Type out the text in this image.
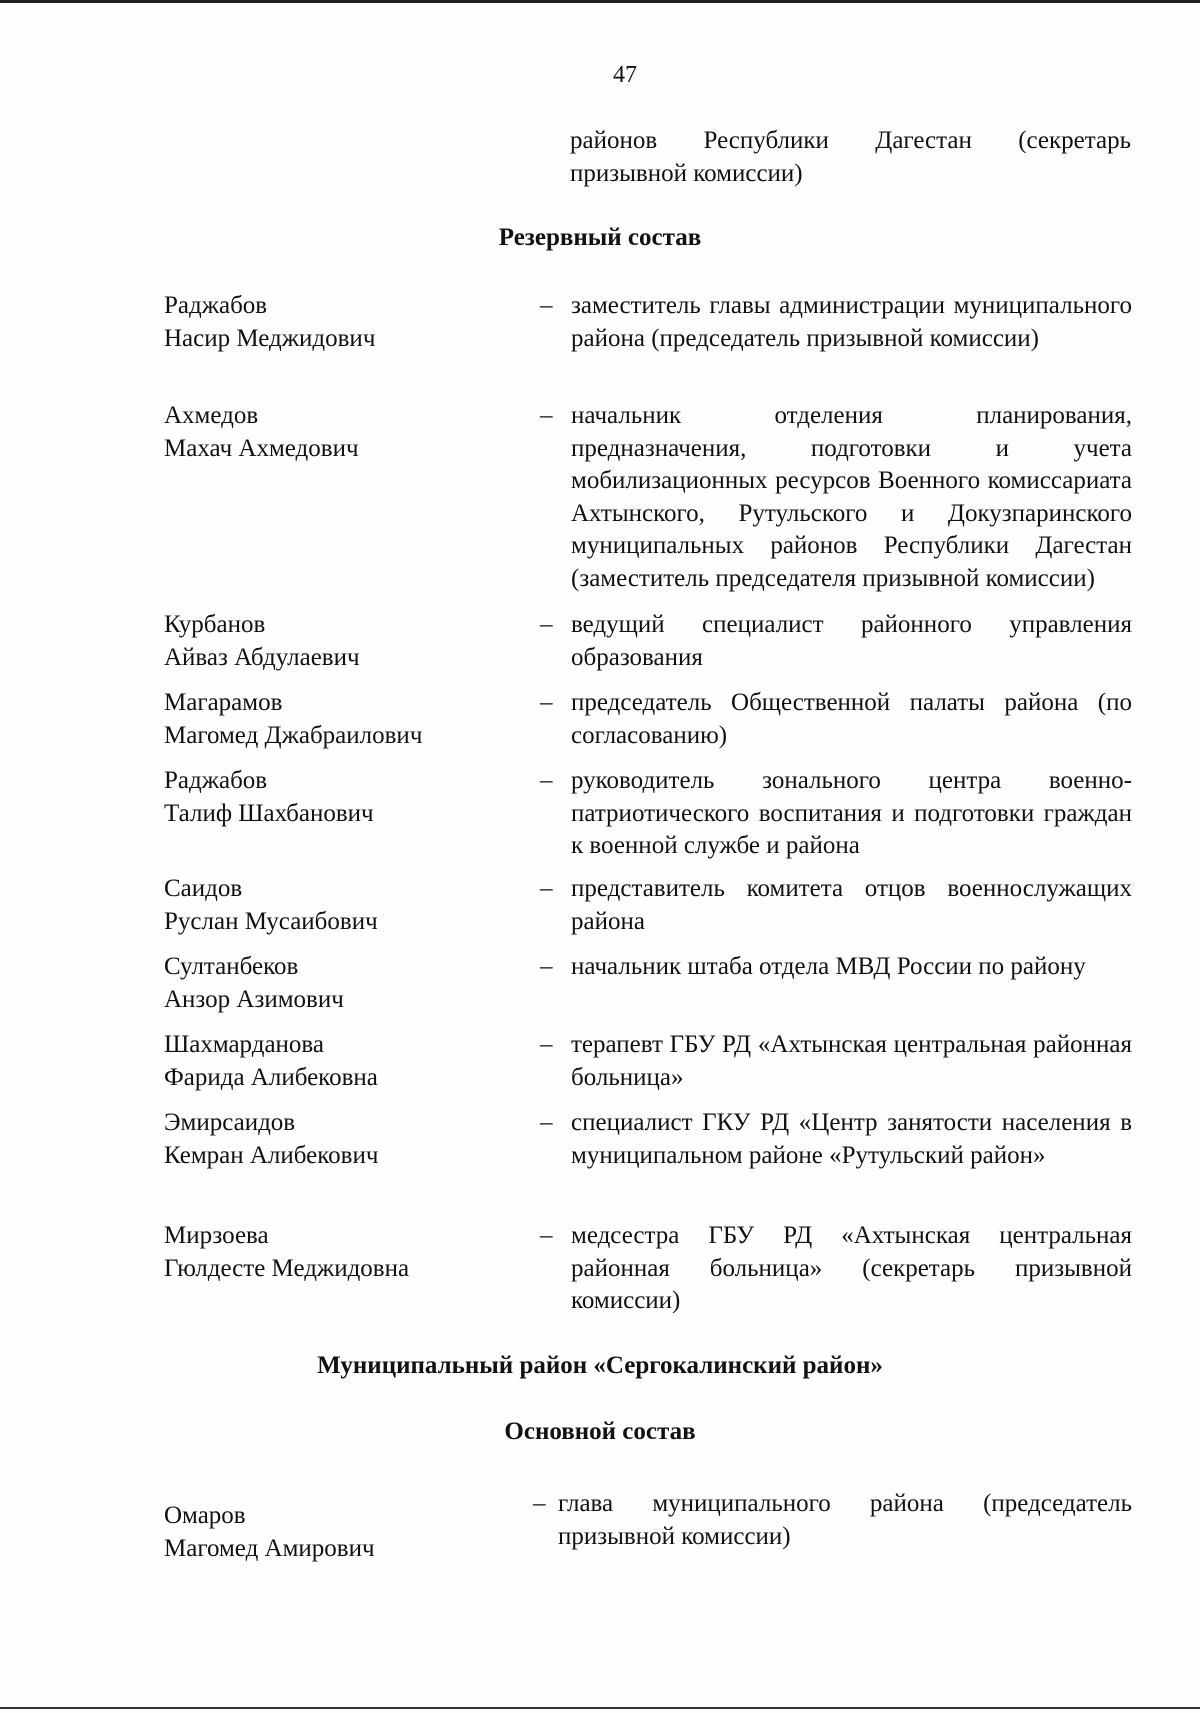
47
районов Республики Дагестан (секретарь призывной комиссии)
Резервный состав
Раджабов
Насир Меджидович
– заместитель главы администрации муниципального района (председатель призывной комиссии)
Ахмедов
Махач Ахмедович
– начальник отделения планирования, предназначения, подготовки и учета мобилизационных ресурсов Военного комиссариата Ахтынского, Рутульского и Докузпаринского муниципальных районов Республики Дагестан (заместитель председателя призывной комиссии)
Курбанов
Айваз Абдулаевич
– ведущий специалист районного управления образования
Магарамов
Магомед Джабраилович
– председатель Общественной палаты района (по согласованию)
Раджабов
Талиф Шахбанович
– руководитель зонального центра военно-патриотического воспитания и подготовки граждан к военной службе и района
Саидов
Руслан Мусаибович
– представитель комитета отцов военнослужащих района
Султанбеков
Анзор Азимович
– начальник штаба отдела МВД России по району
Шахмарданова
Фарида Алибековна
– терапевт ГБУ РД «Ахтынская центральная районная больница»
Эмирсаидов
Кемран Алибекович
– специалист ГКУ РД «Центр занятости населения в муниципальном районе «Рутульский район»
Мирзоева
Гюлдесте Меджидовна
– медсестра ГБУ РД «Ахтынская центральная районная больница» (секретарь призывной комиссии)
Муниципальный район «Сергокалинский район»
Основной состав
Омаров
Магомед Амирович
– глава муниципального района (председатель призывной комиссии)
